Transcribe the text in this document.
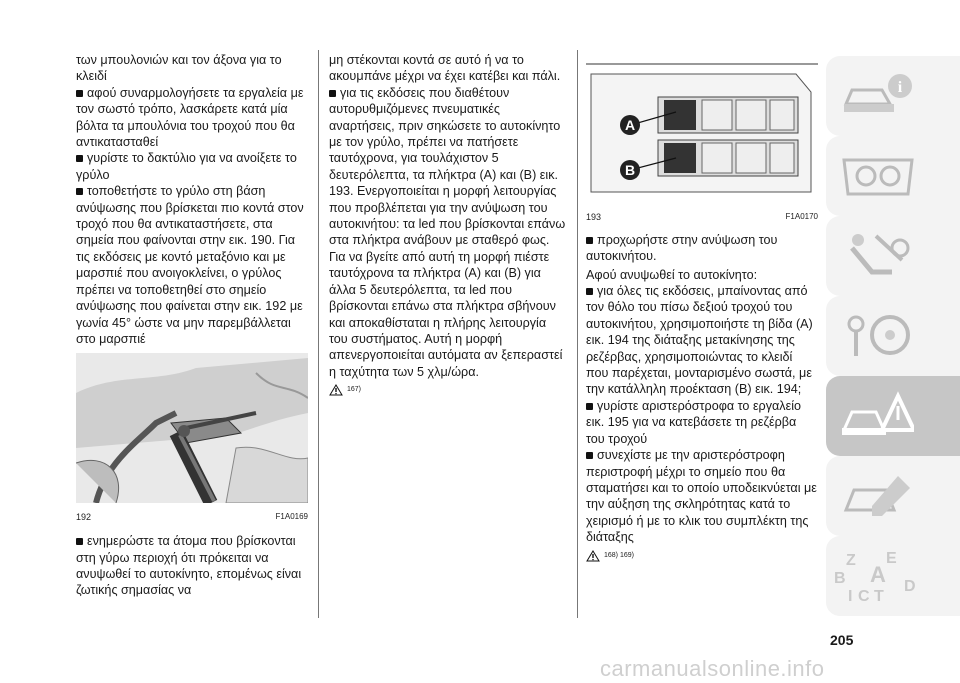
των μπουλονιών και τον άξονα για το κλειδί

αφού συναρμολογήσετε τα εργαλεία με τον σωστό τρόπο, λασκάρετε κατά μία βόλτα τα μπουλόνια του τροχού που θα αντικατασταθεί

γυρίστε το δακτύλιο για να ανοίξετε το γρύλο

τοποθετήστε το γρύλο στη βάση ανύψωσης που βρίσκεται πιο κοντά στον τροχό που θα αντικαταστήσετε, στα σημεία που φαίνονται στην εικ. 190. Για τις εκδόσεις με κοντό μεταξόνιο και με μαρσπιέ που ανοιγοκλείνει, ο γρύλος πρέπει να τοποθετηθεί στο σημείο ανύψωσης που φαίνεται στην εικ. 192 με γωνία 45° ώστε να μην παρεμβάλλεται στο μαρσπιέ

192	F1A0169

ενημερώστε τα άτομα που βρίσκονται στη γύρω περιοχή ότι πρόκειται να ανυψωθεί το αυτοκίνητο, επομένως είναι ζωτικής σημασίας να

μη στέκονται κοντά σε αυτό ή να το ακουμπάνε μέχρι να έχει κατέβει και πάλι.

για τις εκδόσεις που διαθέτουν αυτορυθμιζόμενες πνευματικές αναρτήσεις, πριν σηκώσετε το αυτοκίνητο με τον γρύλο, πρέπει να πατήσετε ταυτόχρονα, για τουλάχιστον 5 δευτερόλεπτα, τα πλήκτρα (A) και (B) εικ. 193. Ενεργοποιείται η μορφή λειτουργίας που προβλέπεται για την ανύψωση του αυτοκινήτου: τα led που βρίσκονται επάνω στα πλήκτρα ανάβουν με σταθερό φως. Για να βγείτε από αυτή τη μορφή πιέστε ταυτόχρονα τα πλήκτρα (A) και (B) για άλλα 5 δευτερόλεπτα, τα led που βρίσκονται επάνω στα πλήκτρα σβήνουν και αποκαθίσταται η πλήρης λειτουργία του συστήματος. Αυτή η μορφή απενεργοποιείται αυτόματα αν ξεπεραστεί η ταχύτητα των 5 χλμ/ώρα.

167)
A
B
193	F1A0170

προχωρήστε στην ανύψωση του αυτοκινήτου.

Αφού ανυψωθεί το αυτοκίνητο:

για όλες τις εκδόσεις, μπαίνοντας από τον θόλο του πίσω δεξιού τροχού του αυτοκινήτου, χρησιμοποιήστε τη βίδα (A) εικ. 194 της διάταξης μετακίνησης της ρεζέρβας, χρησιμοποιώντας το κλειδί που παρέχεται, μονταρισμένο σωστά, με την κατάλληλη προέκταση (B) εικ. 194;

γυρίστε αριστερόστροφα το εργαλείο εικ. 195 για να κατεβάσετε τη ρεζέρβα του τροχού

συνεχίστε με την αριστερόστροφη περιστροφή μέχρι το σημείο που θα σταματήσει και το οποίο υποδεικνύεται με την αύξηση της σκληρότητας κατά το χειρισμό ή με το κλικ του συμπλέκτη της διάταξης

168) 169)
i
Z E
A
B	D
I C T
205
carmanualsonline.info
